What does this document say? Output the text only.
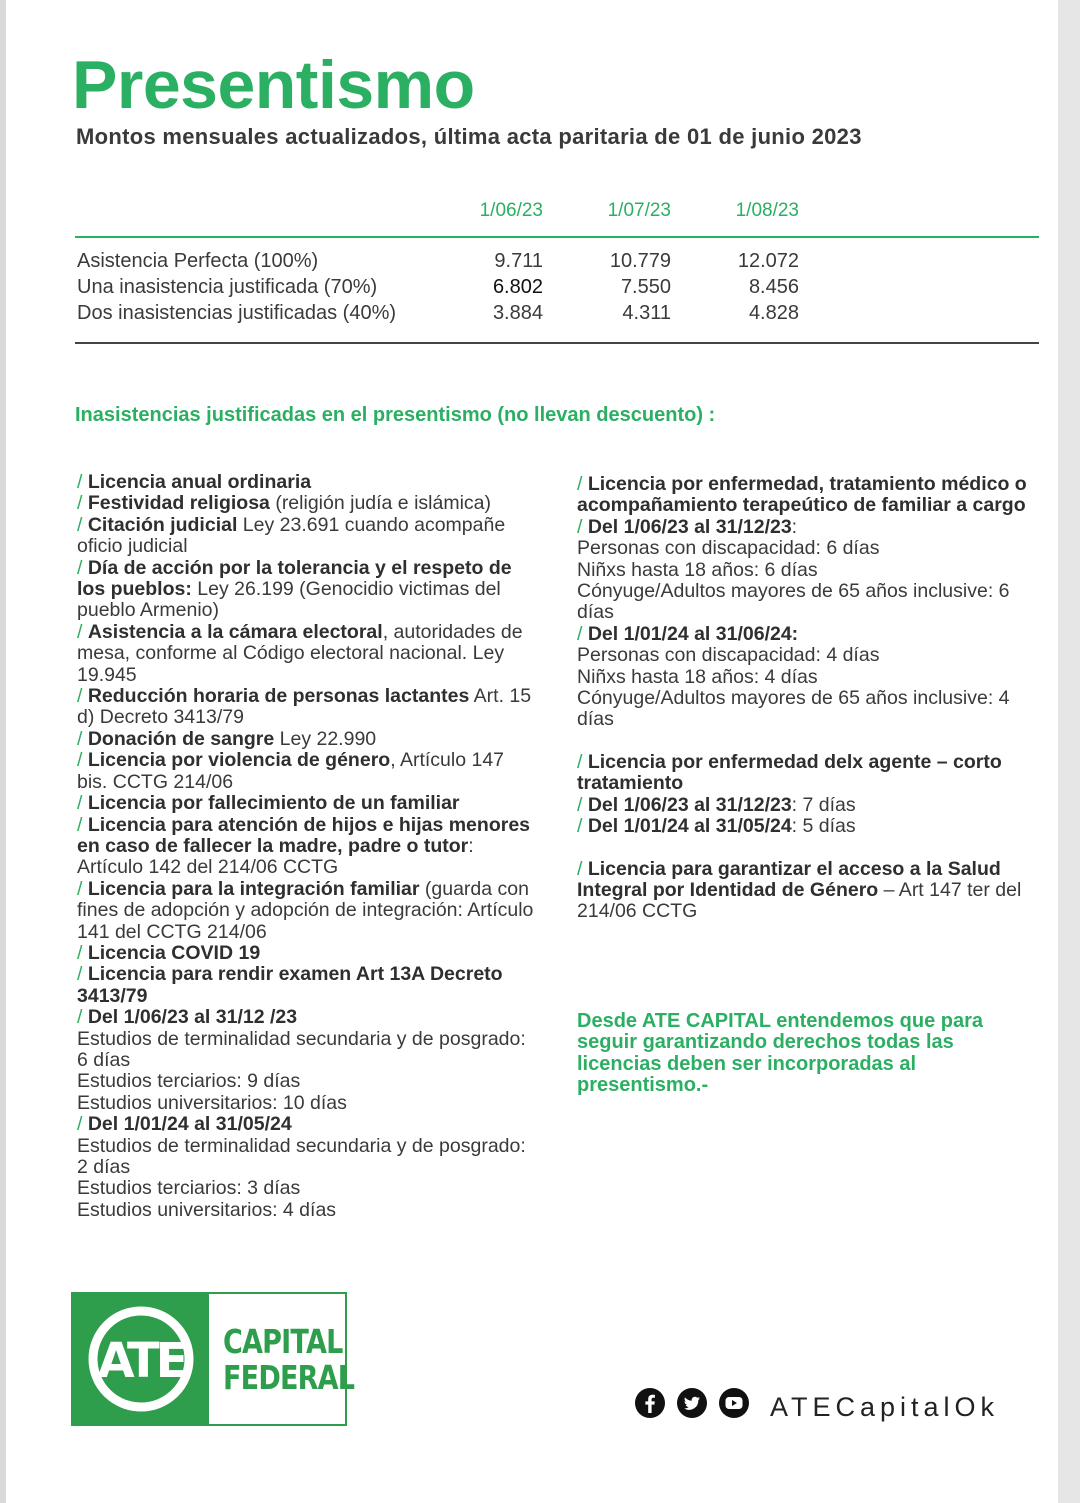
Presentismo
Montos mensuales actualizados, última acta paritaria de 01 de junio 2023
1/06/23	1/07/23	1/08/23
Asistencia Perfecta (100%)	9.711	10.779	12.072
Una inasistencia justificada (70%)	6.802	7.550	8.456
Dos inasistencias justificadas (40%)	3.884	4.311	4.828
Inasistencias justificadas en el presentismo (no llevan descuento) :

/ Licencia anual ordinaria

/ Festividad religiosa (religión judía e islámica)

/ Citación judicial Ley 23.691 cuando acompañe oficio judicial

/ Día de acción por la tolerancia y el respeto de los pueblos: Ley 26.199 (Genocidio victimas del pueblo Armenio)

/ Asistencia a la cámara electoral, autoridades de mesa, conforme al Código electoral nacional. Ley 19.945

/ Reducción horaria de personas lactantes Art. 15 d) Decreto 3413/79

/ Donación de sangre Ley 22.990

/ Licencia por violencia de género, Artículo 147 bis. CCTG 214/06

/ Licencia por fallecimiento de un familiar

/ Licencia para atención de hijos e hijas menores en caso de fallecer la madre, padre o tutor: Artículo 142 del 214/06 CCTG

/ Licencia para la integración familiar (guarda con fines de adopción y adopción de integración: Artículo 141 del CCTG 214/06

/ Licencia COVID 19

/ Licencia para rendir examen Art 13A Decreto 3413/79

/ Del 1/06/23 al 31/12 /23

Estudios de terminalidad secundaria y de posgrado: 6 días

Estudios terciarios: 9 días

Estudios universitarios: 10 días

/ Del 1/01/24 al 31/05/24

Estudios de terminalidad secundaria y de posgrado: 2 días

Estudios terciarios: 3 días

Estudios universitarios: 4 días

/ Licencia por enfermedad, tratamiento médico o acompañamiento terapeútico de familiar a cargo

/ Del 1/06/23 al 31/12/23:

Personas con discapacidad: 6 días

Niñxs hasta 18 años: 6 días

Cónyuge/Adultos mayores de 65 años inclusive: 6 días

/ Del 1/01/24 al 31/06/24:

Personas con discapacidad: 4 días

Niñxs hasta 18 años: 4 días

Cónyuge/Adultos mayores de 65 años inclusive: 4 días

/ Licencia por enfermedad delx agente – corto tratamiento

/ Del 1/06/23 al 31/12/23: 7 días

/ Del 1/01/24 al 31/05/24: 5 días

/ Licencia para garantizar el acceso a la Salud Integral por Identidad de Género – Art 147 ter del 214/06 CCTG

Desde ATE CAPITAL entendemos que para seguir garantizando derechos todas las licencias deben ser incorporadas al presentismo.-
ATE CAPITAL
FEDERAL
ATECapitalOk
